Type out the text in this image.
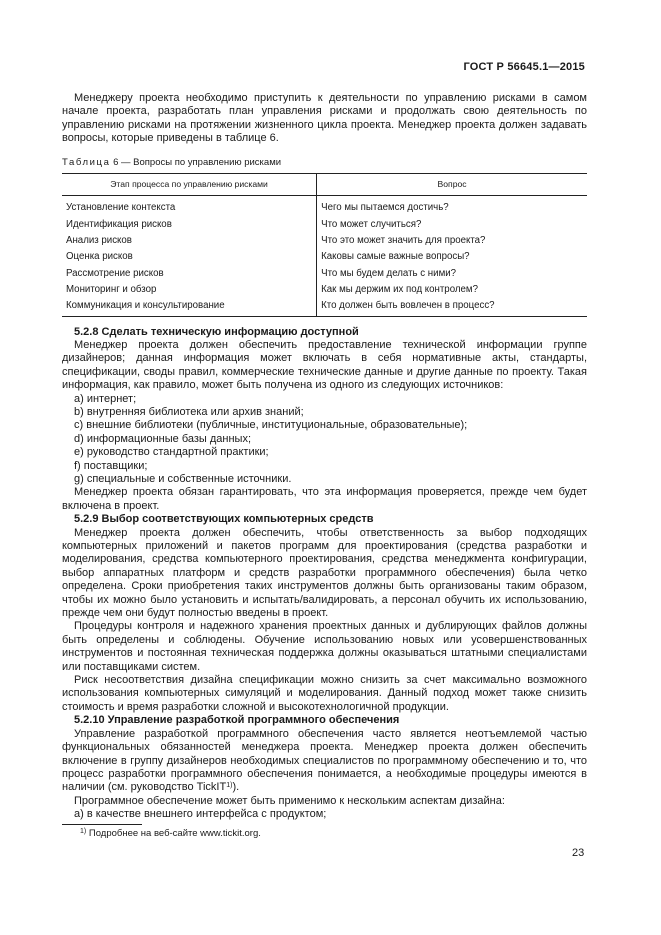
ГОСТ Р 56645.1—2015

Менеджеру проекта необходимо приступить к деятельности по управлению рисками в самом начале проекта, разработать план управления рисками и продолжать свою деятельность по управлению рисками на протяжении жизненного цикла проекта. Менеджер проекта должен задавать вопросы, которые приведены в таблице 6.

Таблица 6 — Вопросы по управлению рисками
Этап процесса по управлению рисками	Вопрос
Установление контекста	Чего мы пытаемся достичь?
Идентификация рисков	Что может случиться?
Анализ рисков	Что это может значить для проекта?
Оценка рисков	Каковы самые важные вопросы?
Рассмотрение рисков	Что мы будем делать с ними?
Мониторинг и обзор	Как мы держим их под контролем?
Коммуникация и консультирование	Кто должен быть вовлечен в процесс?

5.2.8 Сделать техническую информацию доступной

Менеджер проекта должен обеспечить предоставление технической информации группе дизайнеров; данная информация может включать в себя нормативные акты, стандарты, спецификации, своды правил, коммерческие технические данные и другие данные по проекту. Такая информация, как правило, может быть получена из одного из следующих источников:

а) интернет;

b) внутренняя библиотека или архив знаний;

c) внешние библиотеки (публичные, институциональные, образовательные);

d) информационные базы данных;

e) руководство стандартной практики;

f) поставщики;

g) специальные и собственные источники.

Менеджер проекта обязан гарантировать, что эта информация проверяется, прежде чем будет включена в проект.

5.2.9 Выбор соответствующих компьютерных средств

Менеджер проекта должен обеспечить, чтобы ответственность за выбор подходящих компьютерных приложений и пакетов программ для проектирования (средства разработки и моделирования, средства компьютерного проектирования, средства менеджмента конфигурации, выбор аппаратных платформ и средств разработки программного обеспечения) была четко определена. Сроки приобретения таких инструментов должны быть организованы таким образом, чтобы их можно было установить и испытать/валидировать, а персонал обучить их использованию, прежде чем они будут полностью введены в проект.

Процедуры контроля и надежного хранения проектных данных и дублирующих файлов должны быть определены и соблюдены. Обучение использованию новых или усовершенствованных инструментов и постоянная техническая поддержка должны оказываться штатными специалистами или поставщиками систем.

Риск несоответствия дизайна спецификации можно снизить за счет максимально возможного использования компьютерных симуляций и моделирования. Данный подход может также снизить стоимость и время разработки сложной и высокотехнологичной продукции.

5.2.10 Управление разработкой программного обеспечения

Управление разработкой программного обеспечения часто является неотъемлемой частью функциональных обязанностей менеджера проекта. Менеджер проекта должен обеспечить включение в группу дизайнеров необходимых специалистов по программному обеспечению и то, что процесс разработки программного обеспечения понимается, а необходимые процедуры имеются в наличии (см. руководство TickIT$^{1)}$).

Программное обеспечение может быть применимо к нескольким аспектам дизайна:

а) в качестве внешнего интерфейса с продуктом;

$^{1)}$ Подробнее на веб-сайте www.tickit.org.
23
